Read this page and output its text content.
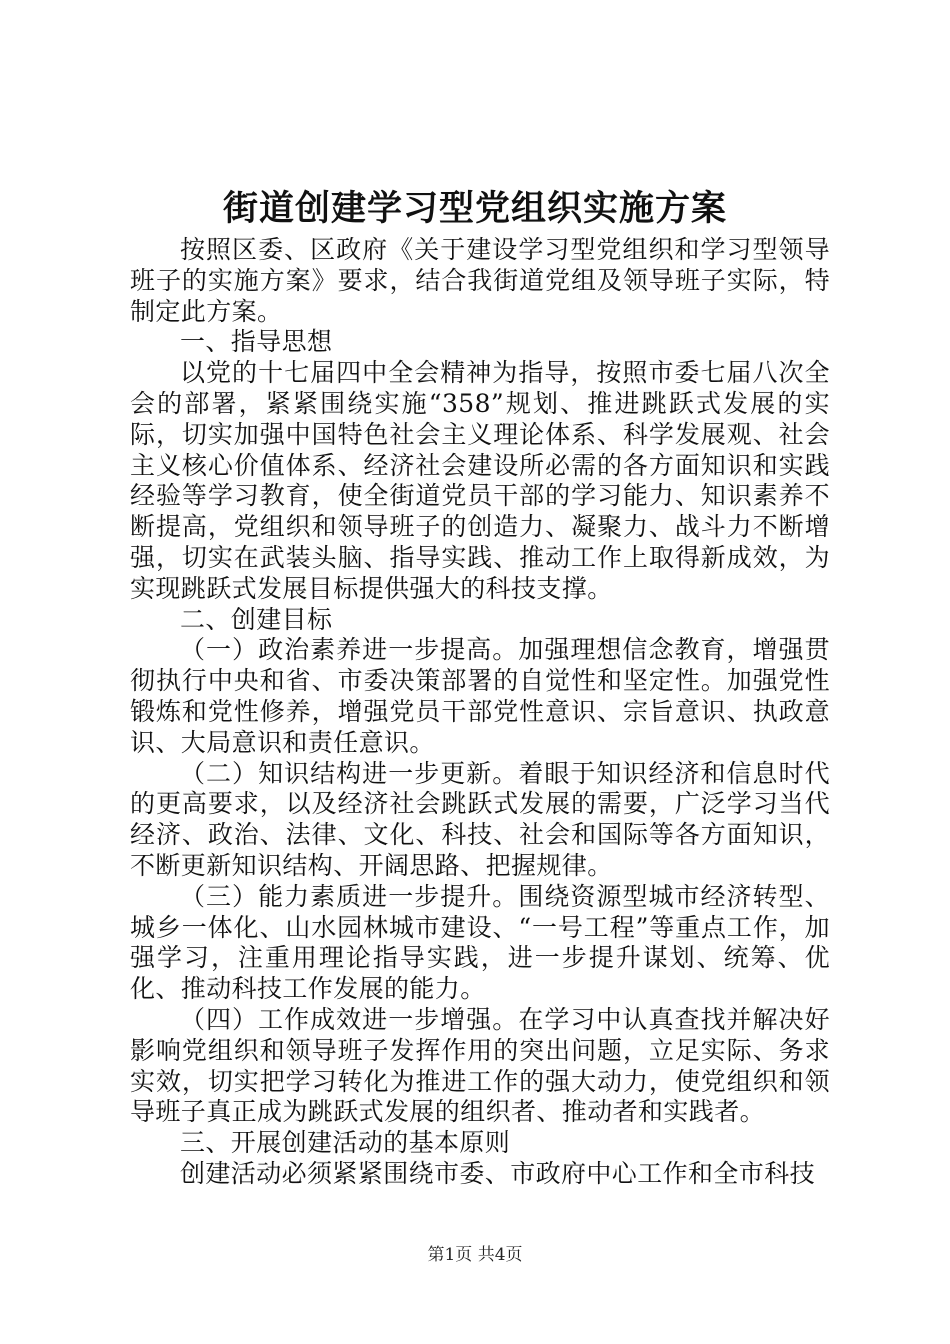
街道创建学习型党组织实施方案

按照区委、区政府《关于建设学习型党组织和学习型领导班子的实施方案》要求，结合我街道党组及领导班子实际，特制定此方案。

一、指导思想

以党的十七届四中全会精神为指导，按照市委七届八次全会的部署，紧紧围绕实施“358”规划、推进跳跃式发展的实际，切实加强中国特色社会主义理论体系、科学发展观、社会主义核心价值体系、经济社会建设所必需的各方面知识和实践经验等学习教育，使全街道党员干部的学习能力、知识素养不断提高，党组织和领导班子的创造力、凝聚力、战斗力不断增强，切实在武装头脑、指导实践、推动工作上取得新成效，为实现跳跃式发展目标提供强大的科技支撑。

二、创建目标

（一）政治素养进一步提高。加强理想信念教育，增强贯彻执行中央和省、市委决策部署的自觉性和坚定性。加强党性锻炼和党性修养，增强党员干部党性意识、宗旨意识、执政意识、大局意识和责任意识。

（二）知识结构进一步更新。着眼于知识经济和信息时代的更高要求，以及经济社会跳跃式发展的需要，广泛学习当代经济、政治、法律、文化、科技、社会和国际等各方面知识，不断更新知识结构、开阔思路、把握规律。

（三）能力素质进一步提升。围绕资源型城市经济转型、城乡一体化、山水园林城市建设、“一号工程”等重点工作，加强学习，注重用理论指导实践，进一步提升谋划、统筹、优化、推动科技工作发展的能力。

（四）工作成效进一步增强。在学习中认真查找并解决好影响党组织和领导班子发挥作用的突出问题，立足实际、务求实效，切实把学习转化为推进工作的强大动力，使党组织和领导班子真正成为跳跃式发展的组织者、推动者和实践者。

三、开展创建活动的基本原则

创建活动必须紧紧围绕市委、市政府中心工作和全市科技

第1页 共4页
